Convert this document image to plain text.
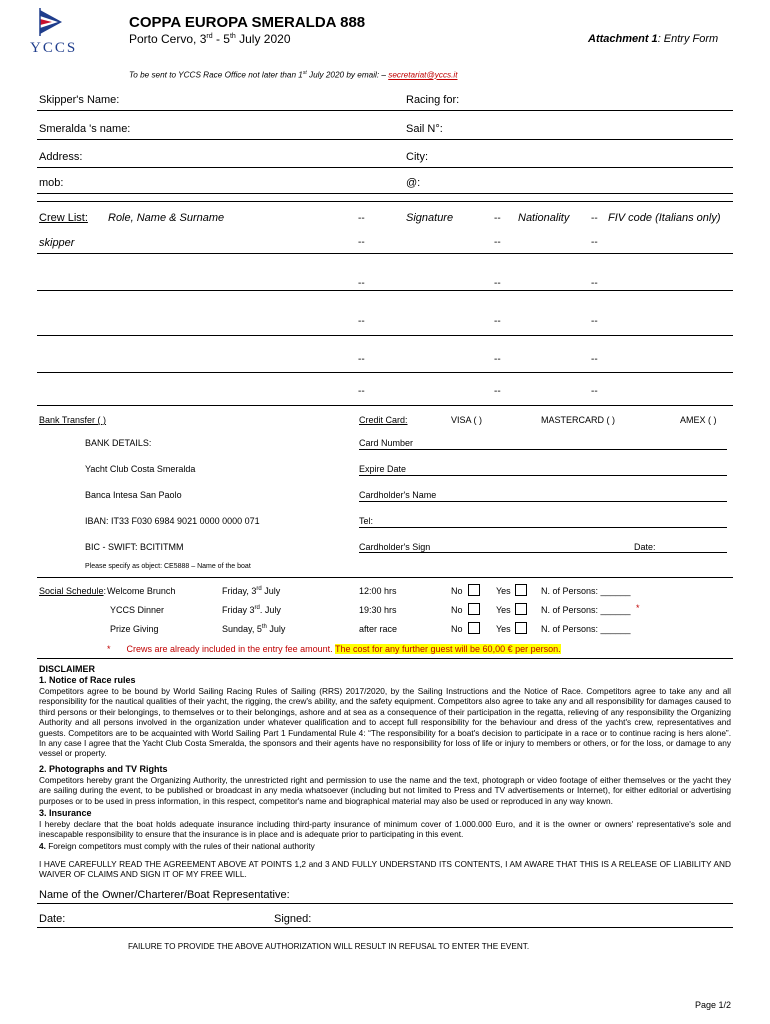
YCCS
COPPA EUROPA SMERALDA 888
Porto Cervo, 3rd - 5th July 2020	Attachment 1: Entry Form
To be sent to YCCS Race Office not later than 1st July 2020 by email: – secretariat@yccs.it
Skipper's Name:	Racing for:
Smeralda 's name:	Sail N°:
Address:	City:
mob:	@:
Crew List: Role, Name & Surname	--	Signature	-- Nationality -- FIV code (Italians only)
skipper	--	--	--
--	--	--
--	--	--
--	--	--
--	--	--
Bank Transfer ( )	Credit Card:	VISA ( )	MASTERCARD ( )	AMEX ( )
BANK DETAILS:	Card Number
Yacht Club Costa Smeralda	Expire Date
Banca Intesa San Paolo	Cardholder's Name
IBAN: IT33 F030 6984 9021 0000 0000 071	Tel:
BIC - SWIFT: BCITITMM	Cardholder's Sign	Date:
Please specify as object: CE5888 – Name of the boat
Social Schedule: Welcome Brunch	Friday, 3rd July	12:00 hrs	No	Yes	N. of Persons: ______
YCCS Dinner	Friday 3rd. July	19:30 hrs	No	Yes	N. of Persons: ______ *
Prize Giving	Sunday, 5th July	after race	No	Yes	N. of Persons: ______
* Crews are already included in the entry fee amount. The cost for any further guest will be 60,00 € per person.
DISCLAIMER
1. Notice of Race rules
Competitors agree to be bound by World Sailing Racing Rules of Sailing (RRS) 2017/2020, by the Sailing Instructions and the Notice of Race. Competitors agree to take any and all responsibility for the nautical qualities of their yacht, the rigging, the crew's ability, and the safety equipment. Competitors also agree to take any and all responsibility for damages caused to third persons or their belongings, to themselves or to their belongings, ashore and at sea as a consequence of their participation in the regatta, relieving of any responsibility the Organizing Authority and all persons involved in the organization under whatever qualification and to accept full responsibility for the behaviour and dress of the yacht's crew, representatives and guests. Competitors are to be acquainted with World Sailing Part 1 Fundamental Rule 4: “The responsibility for a boat's decision to participate in a race or to continue racing is hers alone”. In any case I agree that the Yacht Club Costa Smeralda, the sponsors and their agents have no responsibility for loss of life or injury to members or others, or for the loss, or damage to any vessel or property.
2. Photographs and TV Rights
Competitors hereby grant the Organizing Authority, the unrestricted right and permission to use the name and the text, photograph or video footage of either themselves or the yacht they are sailing during the event, to be published or broadcast in any media whatsoever (including but not limited to Press and TV advertisements or Internet), for either editorial or advertising purposes or to be used in press information, in this respect, competitor's name and biographical material may also be used or reproduced in any way known.
3. Insurance
I hereby declare that the boat holds adequate insurance including third-party insurance of minimum cover of 1.000.000 Euro, and it is the owner or owners' representative's sole and inescapable responsibility to ensure that the insurance is in place and is adequate prior to participating in this event.
4. Foreign competitors must comply with the rules of their national authority
I HAVE CAREFULLY READ THE AGREEMENT ABOVE AT POINTS 1,2 and 3 AND FULLY UNDERSTAND ITS CONTENTS, I AM AWARE THAT THIS IS A RELEASE OF LIABILITY AND WAIVER OF CLAIMS AND SIGN IT OF MY FREE WILL.
Name of the Owner/Charterer/Boat Representative:
Date:	Signed:
FAILURE TO PROVIDE THE ABOVE AUTHORIZATION WILL RESULT IN REFUSAL TO ENTER THE EVENT.
Page 1/2
